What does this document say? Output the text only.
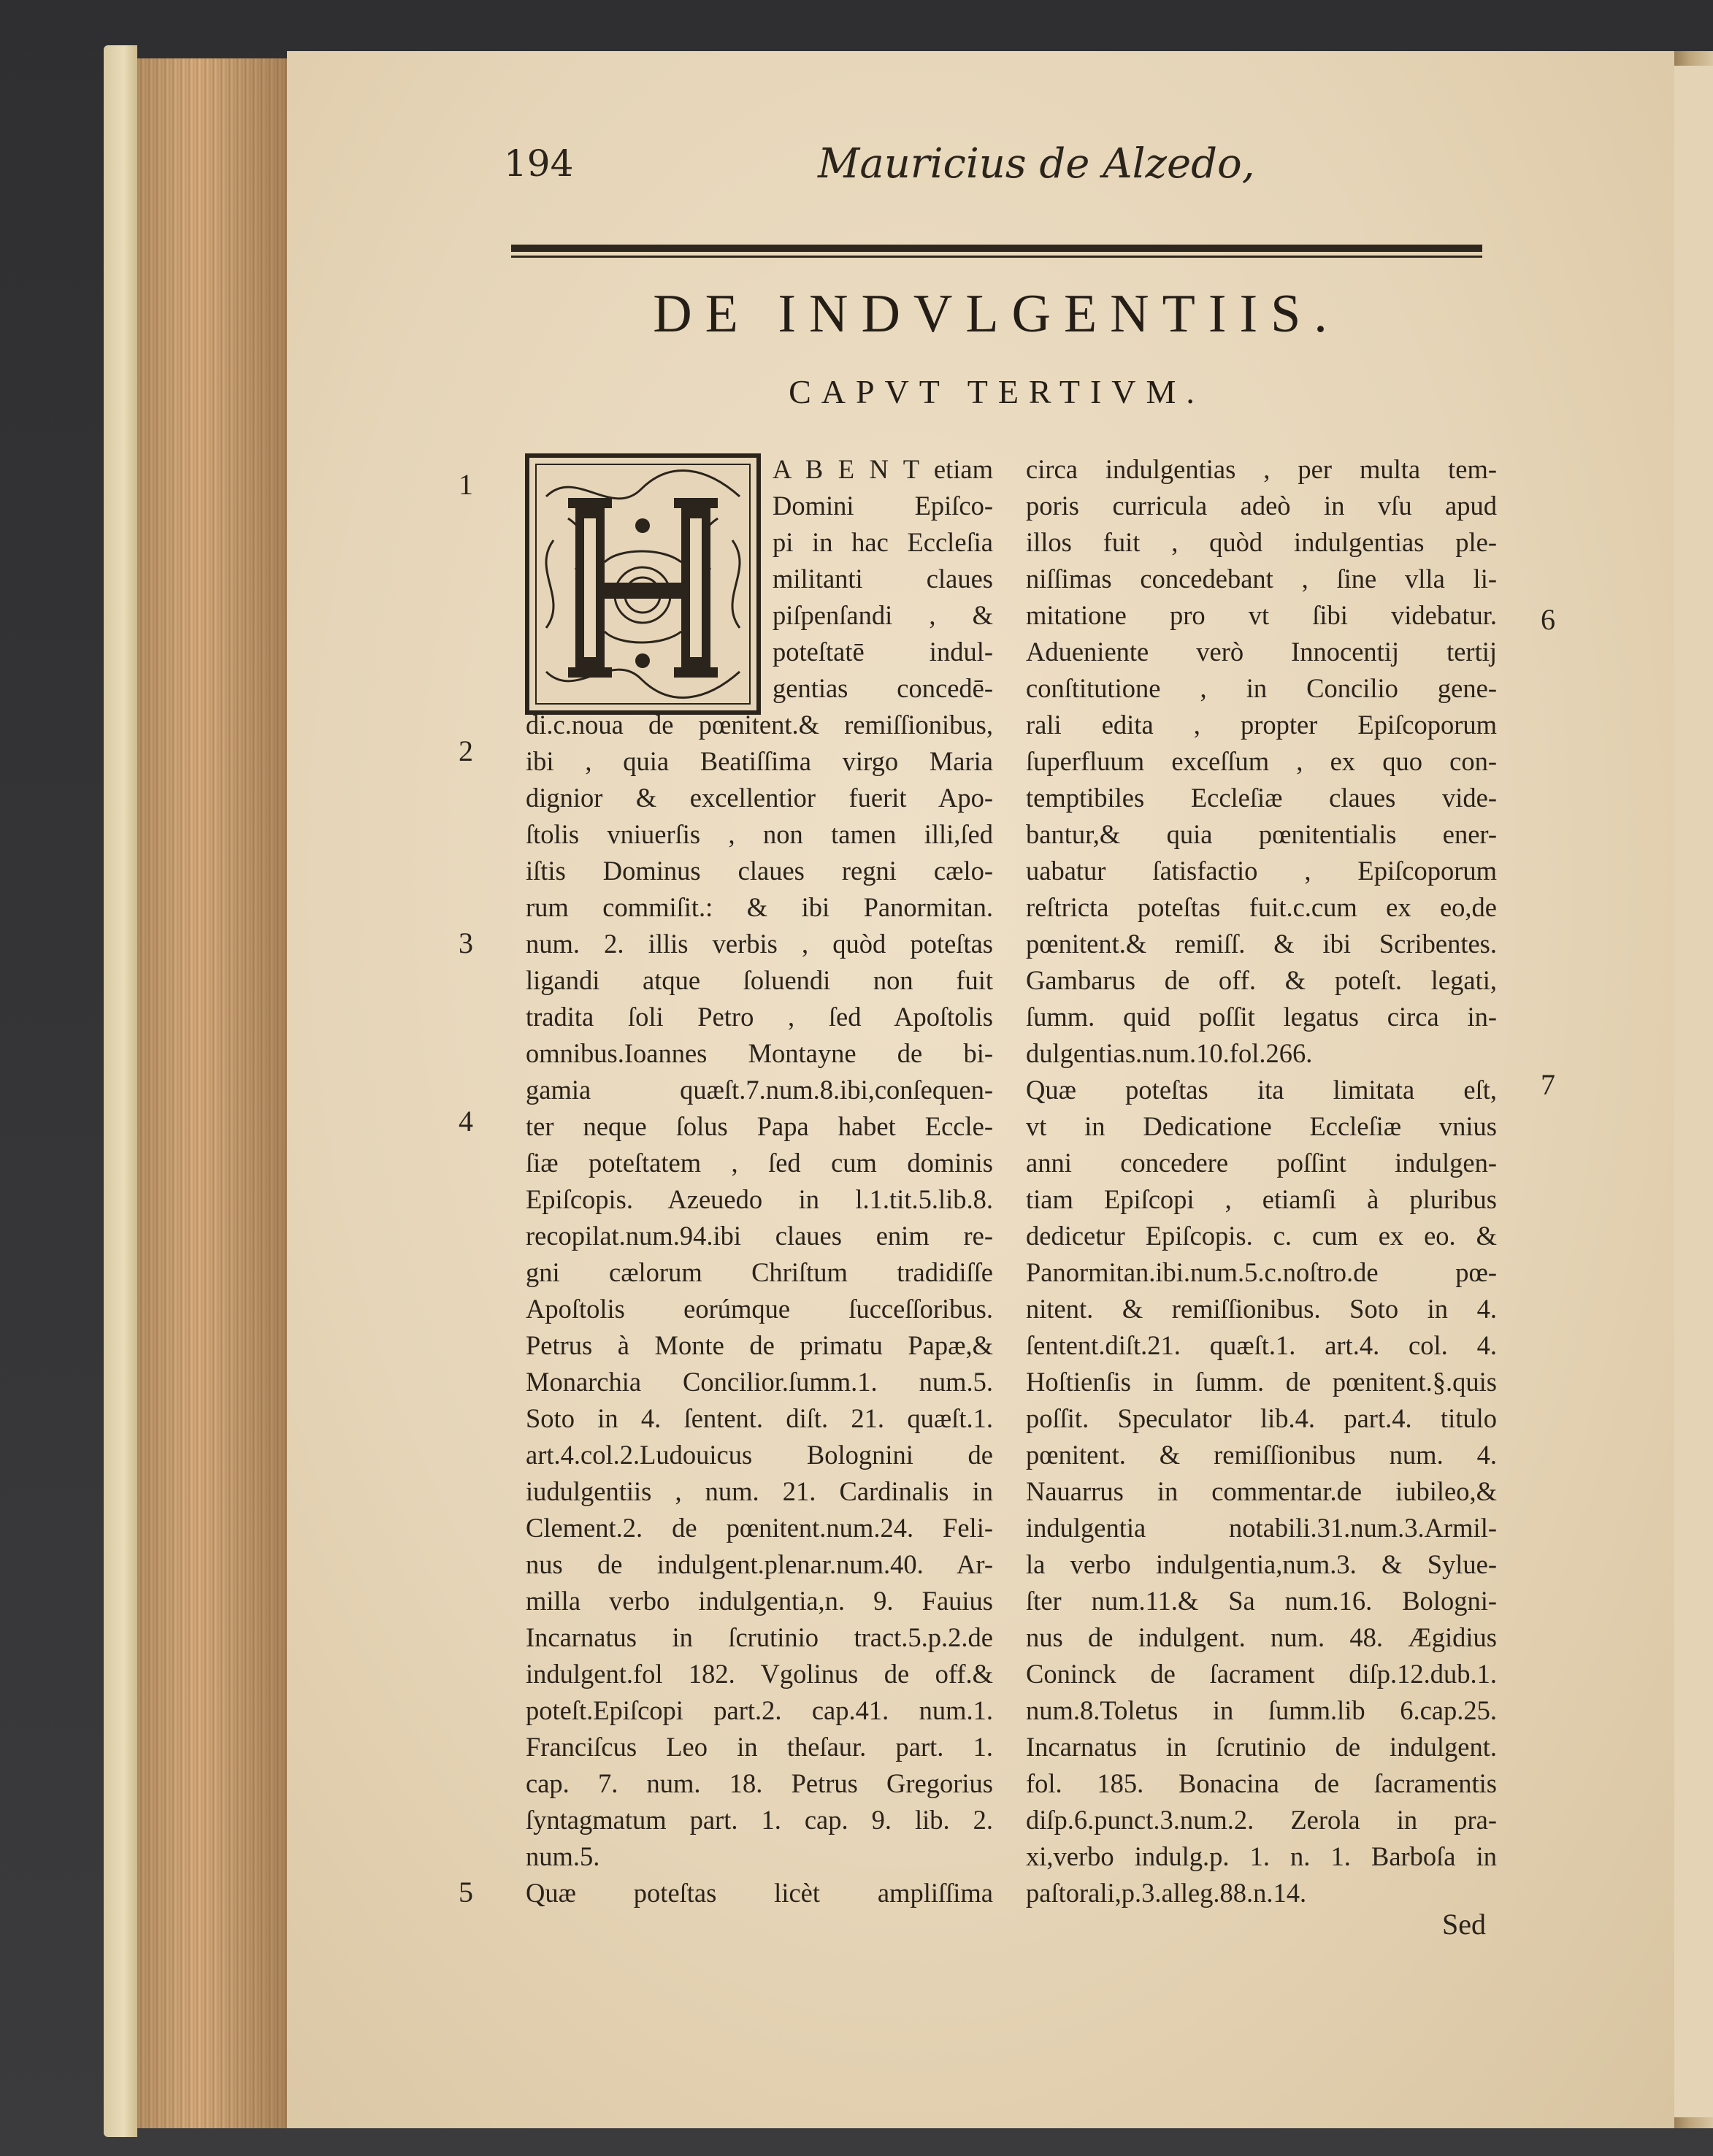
194	Mauricius de Alzedo,
DE INDVLGENTIIS.
CAPVT TERTIVM.
A B E N T etiam
Domini Epiſco-
pi in hac Eccleſia
militanti claues
piſpenſandi , &
poteſtatē indul-
gentias concedē-
di.c.noua de pœnitent.& remiſſionibus,
ibi , quia Beatiſſima virgo Maria
dignior & excellentior fuerit Apo-
ſtolis vniuerſis , non tamen illi,ſed
iſtis Dominus claues regni cælo-
rum commiſit.: & ibi Panormitan.
num. 2. illis verbis , quòd poteſtas
ligandi atque ſoluendi non fuit
tradita ſoli Petro , ſed Apoſtolis
omnibus.Ioannes Montayne de bi-
gamia quæſt.7.num.8.ibi,conſequen-
ter neque ſolus Papa habet Eccle-
ſiæ poteſtatem , ſed cum dominis
Epiſcopis. Azeuedo in l.1.tit.5.lib.8.
recopilat.num.94.ibi claues enim re-
gni cælorum Chriſtum tradidiſſe
Apoſtolis eorúmque ſucceſſoribus.
Petrus à Monte de primatu Papæ,&
Monarchia Concilior.ſumm.1. num.5.
Soto in 4. ſentent. diſt. 21. quæſt.1.
art.4.col.2.Ludouicus Bolognini de
iudulgentiis , num. 21. Cardinalis in
Clement.2. de pœnitent.num.24. Feli-
nus de indulgent.plenar.num.40. Ar-
milla verbo indulgentia,n. 9. Fauius
Incarnatus in ſcrutinio tract.5.p.2.de
indulgent.fol 182. Vgolinus de off.&
poteſt.Epiſcopi part.2. cap.41. num.1.
Franciſcus Leo in theſaur. part. 1.
cap. 7. num. 18. Petrus Gregorius
ſyntagmatum part. 1. cap. 9. lib. 2.
num.5.
Quæ poteſtas licèt ampliſſima
circa indulgentias , per multa tem-
poris curricula adeò in vſu apud
illos fuit , quòd indulgentias ple-
niſſimas concedebant , ſine vlla li-
mitatione pro vt ſibi videbatur.
Adueniente verò Innocentij tertij
conſtitutione , in Concilio gene-
rali edita , propter Epiſcoporum
ſuperfluum exceſſum , ex quo con-
temptibiles Eccleſiæ claues vide-
bantur,& quia pœnitentialis ener-
uabatur ſatisfactio , Epiſcoporum
reſtricta poteſtas fuit.c.cum ex eo,de
pœnitent.& remiſſ. & ibi Scribentes.
Gambarus de off. & poteſt. legati,
ſumm. quid poſſit legatus circa in-
dulgentias.num.10.fol.266.
Quæ poteſtas ita limitata eſt,
vt in Dedicatione Eccleſiæ vnius
anni concedere poſſint indulgen-
tiam Epiſcopi , etiamſi à pluribus
dedicetur Epiſcopis. c. cum ex eo. &
Panormitan.ibi.num.5.c.noſtro.de pœ-
nitent. & remiſſionibus. Soto in 4.
ſentent.diſt.21. quæſt.1. art.4. col. 4.
Hoſtienſis in ſumm. de pœnitent.§.quis
poſſit. Speculator lib.4. part.4. titulo
pœnitent. & remiſſionibus num. 4.
Nauarrus in commentar.de iubileo,&
indulgentia notabili.31.num.3.Armil-
la verbo indulgentia,num.3. & Sylue-
ſter num.11.& Sa num.16. Bologni-
nus de indulgent. num. 48. Ægidius
Coninck de ſacrament diſp.12.dub.1.
num.8.Toletus in ſumm.lib 6.cap.25.
Incarnatus in ſcrutinio de indulgent.
fol. 185. Bonacina de ſacramentis
diſp.6.punct.3.num.2. Zerola in pra-
xi,verbo indulg.p. 1. n. 1. Barboſa in
paſtorali,p.3.alleg.88.n.14.
1
2
3
4
5
6
7
Sed
